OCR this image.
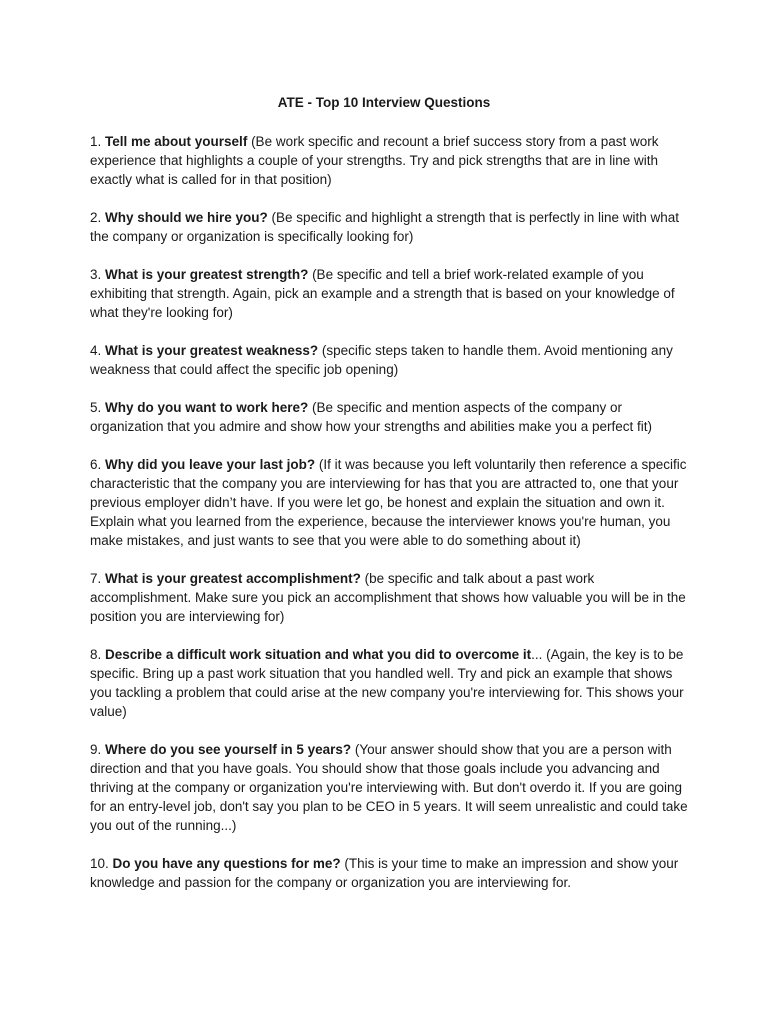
ATE - Top 10 Interview Questions
1. Tell me about yourself (Be work specific and recount a brief success story from a past work experience that highlights a couple of your strengths. Try and pick strengths that are in line with exactly what is called for in that position)
2. Why should we hire you? (Be specific and highlight a strength that is perfectly in line with what the company or organization is specifically looking for)
3. What is your greatest strength? (Be specific and tell a brief work-related example of you exhibiting that strength. Again, pick an example and a strength that is based on your knowledge of what they're looking for)
4. What is your greatest weakness? (specific steps taken to handle them. Avoid mentioning any weakness that could affect the specific job opening)
5. Why do you want to work here? (Be specific and mention aspects of the company or organization that you admire and show how your strengths and abilities make you a perfect fit)
6. Why did you leave your last job? (If it was because you left voluntarily then reference a specific characteristic that the company you are interviewing for has that you are attracted to, one that your previous employer didn’t have. If you were let go, be honest and explain the situation and own it. Explain what you learned from the experience, because the interviewer knows you're human, you make mistakes, and just wants to see that you were able to do something about it)
7. What is your greatest accomplishment? (be specific and talk about a past work accomplishment. Make sure you pick an accomplishment that shows how valuable you will be in the position you are interviewing for)
8. Describe a difficult work situation and what you did to overcome it... (Again, the key is to be specific. Bring up a past work situation that you handled well. Try and pick an example that shows you tackling a problem that could arise at the new company you're interviewing for. This shows your value)
9. Where do you see yourself in 5 years? (Your answer should show that you are a person with direction and that you have goals. You should show that those goals include you advancing and thriving at the company or organization you're interviewing with. But don't overdo it. If you are going for an entry-level job, don't say you plan to be CEO in 5 years. It will seem unrealistic and could take you out of the running...)
10. Do you have any questions for me? (This is your time to make an impression and show your knowledge and passion for the company or organization you are interviewing for.
